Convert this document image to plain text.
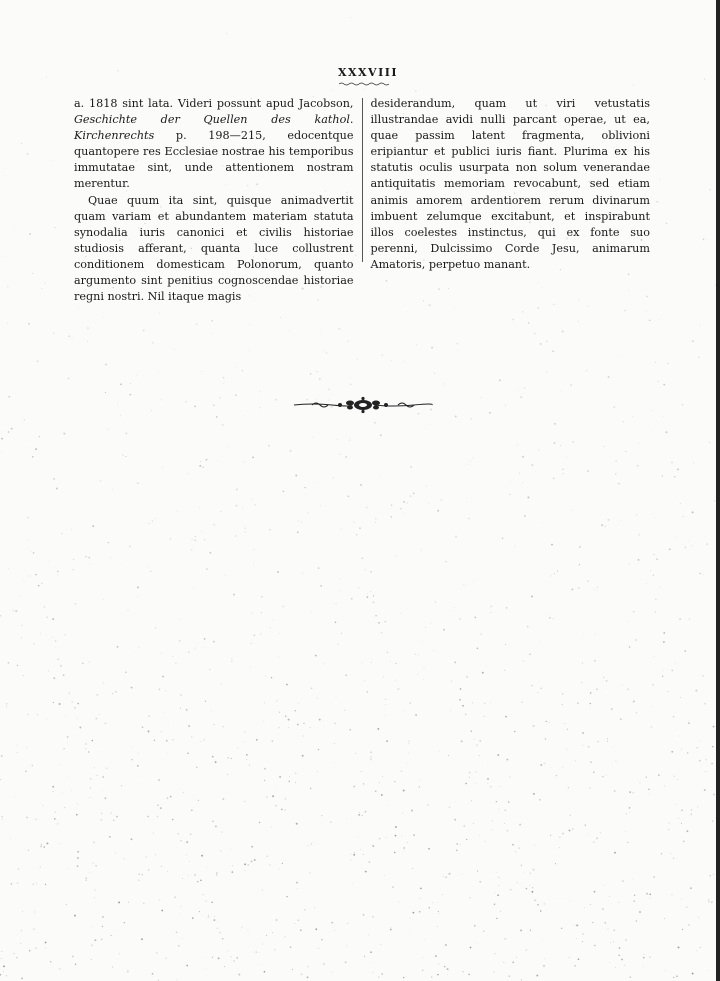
XXXVIII

a. 1818 sint lata. Videri possunt apud Jacobson, Geschichte der Quellen des kathol. Kirchenrechts p. 198—215, edocentque quantopere res Ecclesiae nostrae his temporibus immutatae sint, unde attentionem nostram merentur.

Quae quum ita sint, quisque animadvertit quam variam et abundantem materiam statuta synodalia iuris canonici et civilis historiae studiosis afferant, quanta luce collustrent conditionem domesticam Polonorum, quanto argumento sint penitius cognoscendae historiae regni nostri. Nil itaque magis

desiderandum, quam ut viri vetustatis illustrandae avidi nulli parcant operae, ut ea, quae passim latent fragmenta, oblivioni eripiantur et publici iuris fiant. Plurima ex his statutis oculis usurpata non solum venerandae antiquitatis memoriam revocabunt, sed etiam animis amorem ardentiorem rerum divinarum imbuent zelumque excitabunt, et inspirabunt illos coelestes instinctus, qui ex fonte suo perenni, Dulcissimo Corde Jesu, animarum Amatoris, perpetuo manant.
